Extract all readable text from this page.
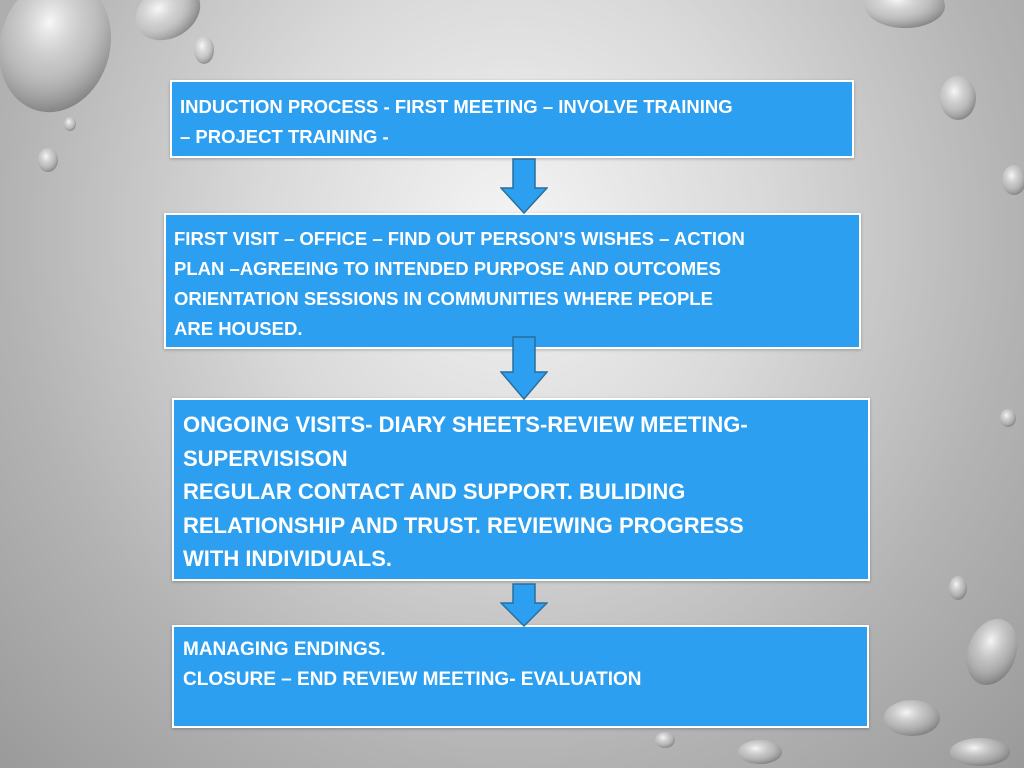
INDUCTION PROCESS - FIRST MEETING – INVOLVE TRAINING
– PROJECT TRAINING -
FIRST VISIT – OFFICE – FIND OUT PERSON’S WISHES – ACTION
PLAN –AGREEING TO INTENDED PURPOSE AND OUTCOMES
ORIENTATION SESSIONS IN COMMUNITIES WHERE PEOPLE
ARE HOUSED.
ONGOING VISITS- DIARY SHEETS-REVIEW MEETING-
SUPERVISISON
REGULAR CONTACT AND SUPPORT. BULIDING
RELATIONSHIP AND TRUST. REVIEWING PROGRESS
WITH INDIVIDUALS.
MANAGING ENDINGS.
CLOSURE – END REVIEW MEETING- EVALUATION
